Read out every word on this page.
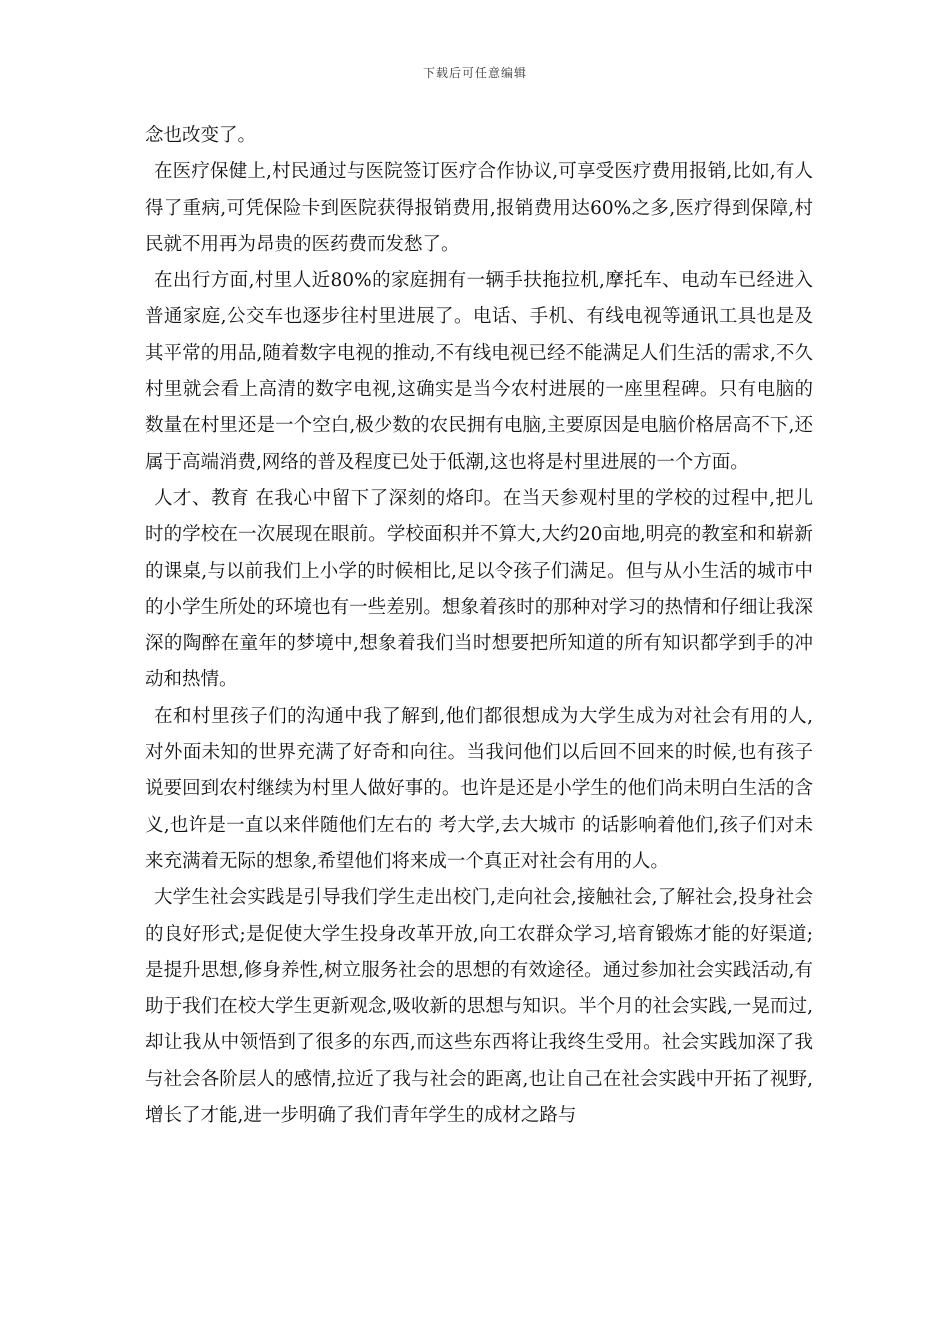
下载后可任意编辑

念也改变了。

在医疗保健上,村民通过与医院签订医疗合作协议,可享受医疗费用报销,比如,有人得了重病,可凭保险卡到医院获得报销费用,报销费用达60%之多,医疗得到保障,村民就不用再为昂贵的医药费而发愁了。

在出行方面,村里人近80%的家庭拥有一辆手扶拖拉机,摩托车、电动车已经进入普通家庭,公交车也逐步往村里进展了。电话、手机、有线电视等通讯工具也是及其平常的用品,随着数字电视的推动,不有线电视已经不能满足人们生活的需求,不久村里就会看上高清的数字电视,这确实是当今农村进展的一座里程碑。只有电脑的数量在村里还是一个空白,极少数的农民拥有电脑,主要原因是电脑价格居高不下,还属于高端消费,网络的普及程度已处于低潮,这也将是村里进展的一个方面。

人才、教育 在我心中留下了深刻的烙印。在当天参观村里的学校的过程中,把儿时的学校在一次展现在眼前。学校面积并不算大,大约20亩地,明亮的教室和和崭新的课桌,与以前我们上小学的时候相比,足以令孩子们满足。但与从小生活的城市中的小学生所处的环境也有一些差别。想象着孩时的那种对学习的热情和仔细让我深深的陶醉在童年的梦境中,想象着我们当时想要把所知道的所有知识都学到手的冲动和热情。

在和村里孩子们的沟通中我了解到,他们都很想成为大学生成为对社会有用的人,对外面未知的世界充满了好奇和向往。当我问他们以后回不回来的时候,也有孩子说要回到农村继续为村里人做好事的。也许是还是小学生的他们尚未明白生活的含义,也许是一直以来伴随他们左右的 考大学,去大城市 的话影响着他们,孩子们对未来充满着无际的想象,希望他们将来成一个真正对社会有用的人。

大学生社会实践是引导我们学生走出校门,走向社会,接触社会,了解社会,投身社会的良好形式;是促使大学生投身改革开放,向工农群众学习,培育锻炼才能的好渠道;是提升思想,修身养性,树立服务社会的思想的有效途径。通过参加社会实践活动,有助于我们在校大学生更新观念,吸收新的思想与知识。半个月的社会实践,一晃而过,却让我从中领悟到了很多的东西,而这些东西将让我终生受用。社会实践加深了我与社会各阶层人的感情,拉近了我与社会的距离,也让自己在社会实践中开拓了视野,增长了才能,进一步明确了我们青年学生的成材之路与
